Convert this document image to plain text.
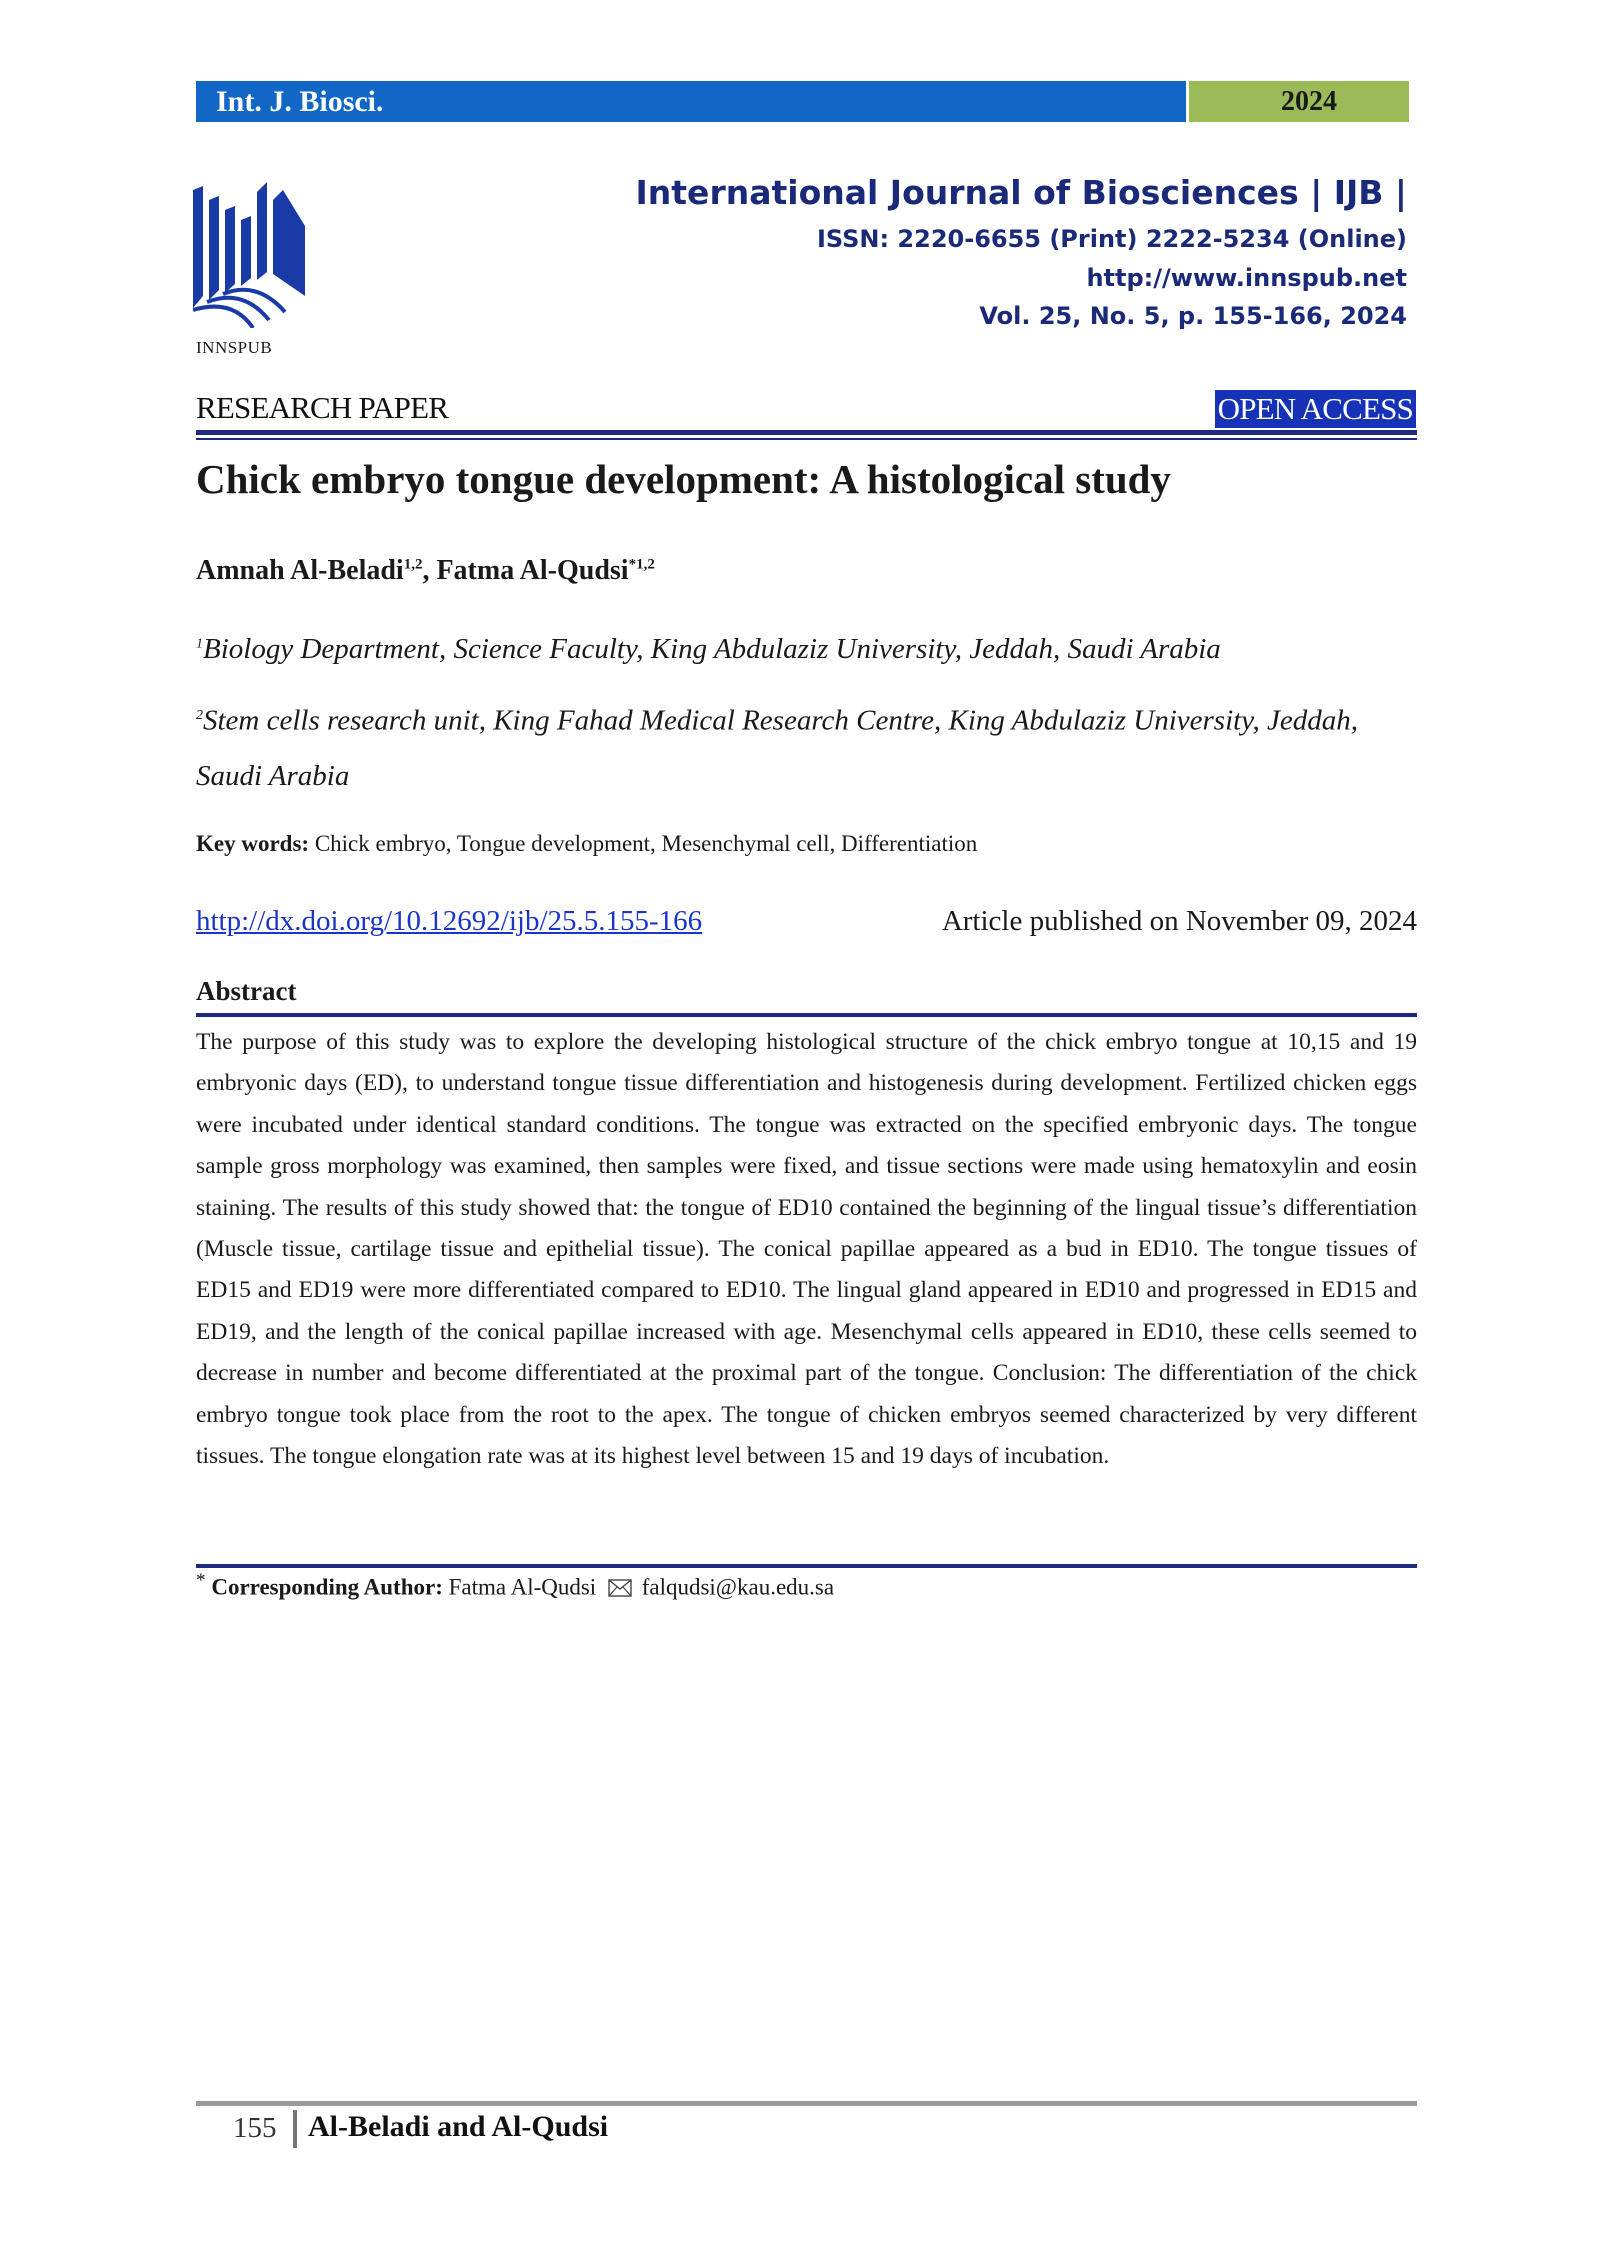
Int. J. Biosci.	2024
INNSPUB
International Journal of Biosciences | IJB |
ISSN: 2220-6655 (Print) 2222-5234 (Online)
http://www.innspub.net
Vol. 25, No. 5, p. 155-166, 2024
RESEARCH PAPER	OPEN ACCESS
Chick embryo tongue development: A histological study
Amnah Al-Beladi$^{1,2}$, Fatma Al-Qudsi$^{*1,2}$
$^1$Biology Department, Science Faculty, King Abdulaziz University, Jeddah, Saudi Arabia
$^2$Stem cells research unit, King Fahad Medical Research Centre, King Abdulaziz University, Jeddah, Saudi Arabia
Key words: Chick embryo, Tongue development, Mesenchymal cell, Differentiation
http://dx.doi.org/10.12692/ijb/25.5.155-166	Article published on November 09, 2024
Abstract
The purpose of this study was to explore the developing histological structure of the chick embryo tongue at 10,15 and 19 embryonic days (ED), to understand tongue tissue differentiation and histogenesis during development. Fertilized chicken eggs were incubated under identical standard conditions. The tongue was extracted on the specified embryonic days. The tongue sample gross morphology was examined, then samples were fixed, and tissue sections were made using hematoxylin and eosin staining. The results of this study showed that: the tongue of ED10 contained the beginning of the lingual tissue’s differentiation (Muscle tissue, cartilage tissue and epithelial tissue). The conical papillae appeared as a bud in ED10. The tongue tissues of ED15 and ED19 were more differentiated compared to ED10. The lingual gland appeared in ED10 and progressed in ED15 and ED19, and the length of the conical papillae increased with age. Mesenchymal cells appeared in ED10, these cells seemed to decrease in number and become differentiated at the proximal part of the tongue. Conclusion: The differentiation of the chick embryo tongue took place from the root to the apex. The tongue of chicken embryos seemed characterized by very different tissues. The tongue elongation rate was at its highest level between 15 and 19 days of incubation.
* Corresponding Author: Fatma Al-Qudsi falqudsi@kau.edu.sa
155 Al-Beladi and Al-Qudsi
